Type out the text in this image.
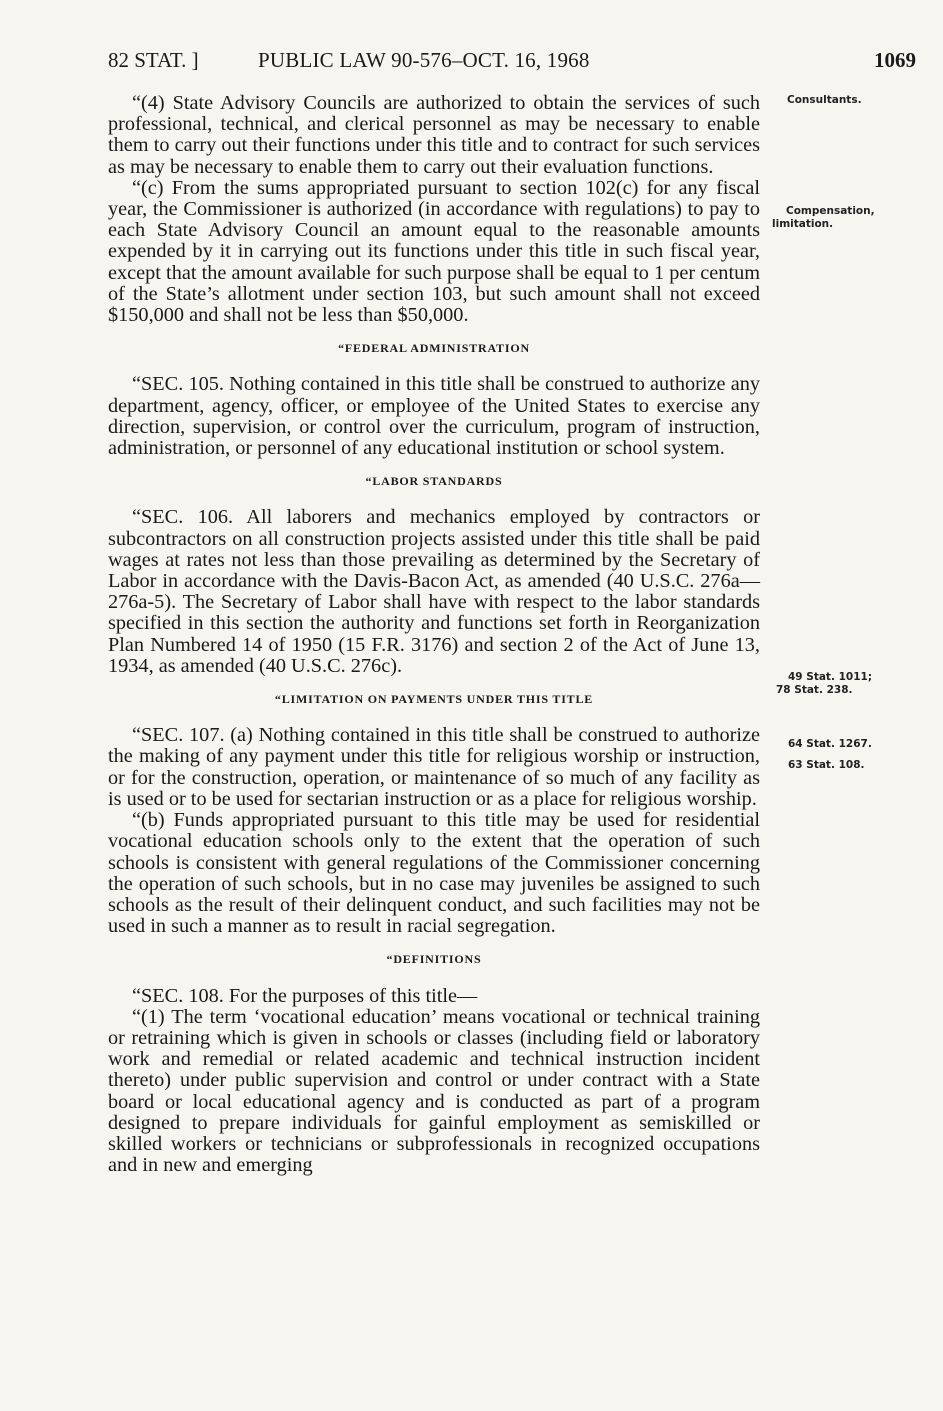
82 STAT. ]	PUBLIC LAW 90-576–OCT. 16, 1968	1069
Consultants.
Compensation,
limitation.
49 Stat. 1011;
78 Stat. 238.
64 Stat. 1267.
63 Stat. 108.

“(4) State Advisory Councils are authorized to obtain the services of such professional, technical, and clerical personnel as may be necessary to enable them to carry out their functions under this title and to contract for such services as may be necessary to enable them to carry out their evaluation functions.

“(c) From the sums appropriated pursuant to section 102(c) for any fiscal year, the Commissioner is authorized (in accordance with regulations) to pay to each State Advisory Council an amount equal to the reasonable amounts expended by it in carrying out its functions under this title in such fiscal year, except that the amount available for such purpose shall be equal to 1 per centum of the State’s allotment under section 103, but such amount shall not exceed $150,000 and shall not be less than $50,000.

“FEDERAL ADMINISTRATION

“SEC. 105. Nothing contained in this title shall be construed to authorize any department, agency, officer, or employee of the United States to exercise any direction, supervision, or control over the curriculum, program of instruction, administration, or personnel of any educational institution or school system.

“LABOR STANDARDS

“SEC. 106. All laborers and mechanics employed by contractors or subcontractors on all construction projects assisted under this title shall be paid wages at rates not less than those prevailing as determined by the Secretary of Labor in accordance with the Davis-Bacon Act, as amended (40 U.S.C. 276a—276a-5). The Secretary of Labor shall have with respect to the labor standards specified in this section the authority and functions set forth in Reorganization Plan Numbered 14 of 1950 (15 F.R. 3176) and section 2 of the Act of June 13, 1934, as amended (40 U.S.C. 276c).

“LIMITATION ON PAYMENTS UNDER THIS TITLE

“SEC. 107. (a) Nothing contained in this title shall be construed to authorize the making of any payment under this title for religious worship or instruction, or for the construction, operation, or maintenance of so much of any facility as is used or to be used for sectarian instruction or as a place for religious worship.

“(b) Funds appropriated pursuant to this title may be used for residential vocational education schools only to the extent that the operation of such schools is consistent with general regulations of the Commissioner concerning the operation of such schools, but in no case may juveniles be assigned to such schools as the result of their delinquent conduct, and such facilities may not be used in such a manner as to result in racial segregation.

“DEFINITIONS

“SEC. 108. For the purposes of this title—

“(1) The term ‘vocational education’ means vocational or technical training or retraining which is given in schools or classes (including field or laboratory work and remedial or related academic and technical instruction incident thereto) under public supervision and control or under contract with a State board or local educational agency and is conducted as part of a program designed to prepare individuals for gainful employment as semiskilled or skilled workers or technicians or subprofessionals in recognized occupations and in new and emerging
